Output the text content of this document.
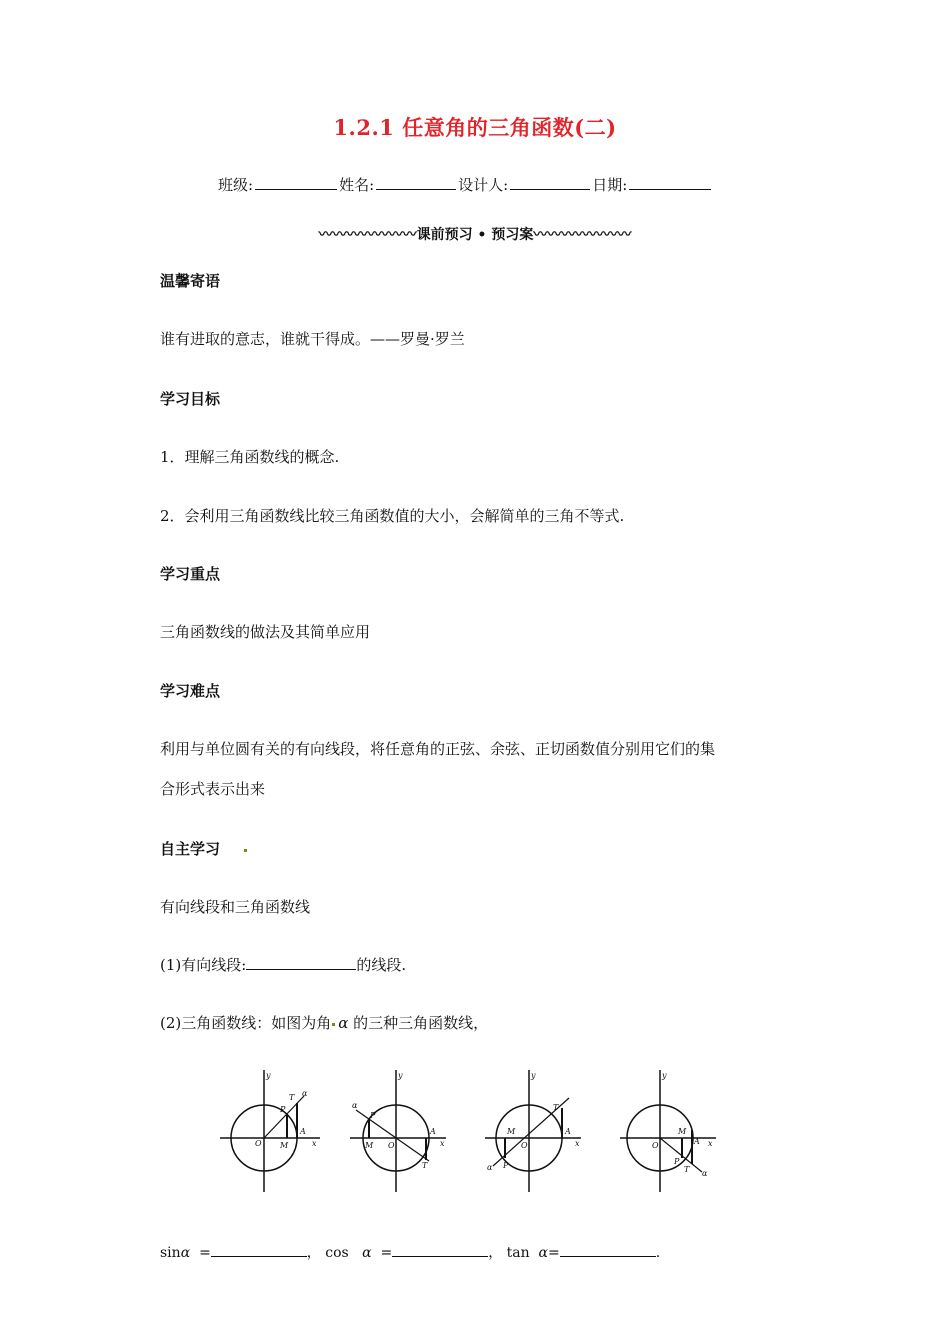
1.2.1 任意角的三角函数(二)
班级:	姓名:	设计人:	日期:
〰〰〰〰〰〰〰课前预习 • 预习案〰〰〰〰〰〰〰
温馨寄语
谁有进取的意志，谁就干得成。——罗曼·罗兰
学习目标
1．理解三角函数线的概念.
2．会利用三角函数线比较三角函数值的大小，会解简单的三角不等式.
学习重点
三角函数线的做法及其简单应用
学习难点
利用与单位圆有关的有向线段，将任意角的正弦、余弦、正切函数值分别用它们的集
合形式表示出来
自主学习
有向线段和三角函数线
(1)有向线段:	的线段.
(2)三角函数线：如图为角 α 的三种三角函数线，
y
x
O M
A
P
T α
y
x
O
M
A
P
T
α
y
x
O
M	A
P
T
α
y
x
O
M
A
P
T α
sinα =	， cos α =	， tan α=	.
